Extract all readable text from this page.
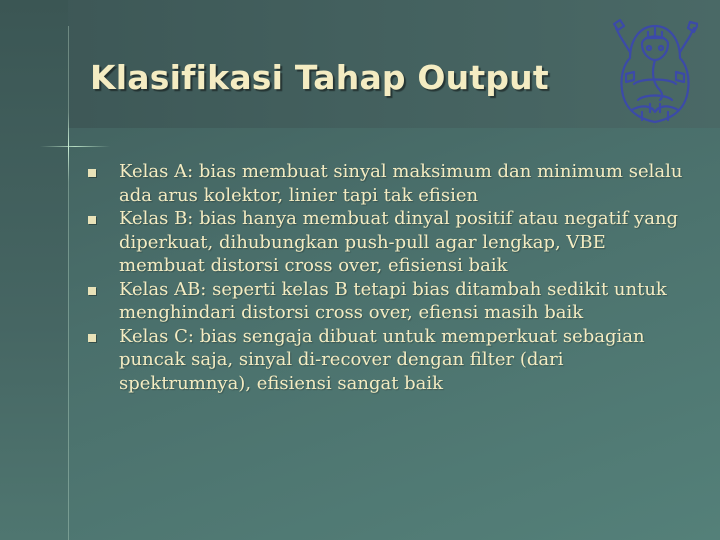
Klasifikasi Tahap Output
Kelas A: bias membuat sinyal maksimum dan minimum selalu ada arus kolektor, linier tapi tak efisien
Kelas B: bias hanya membuat dinyal positif atau negatif yang diperkuat, dihubungkan push-pull agar lengkap, VBE membuat distorsi cross over, efisiensi baik
Kelas AB: seperti kelas B tetapi bias ditambah sedikit untuk menghindari distorsi cross over, efiensi masih baik
Kelas C: bias sengaja dibuat untuk memperkuat sebagian puncak saja, sinyal di-recover dengan filter (dari spektrumnya), efisiensi sangat baik
